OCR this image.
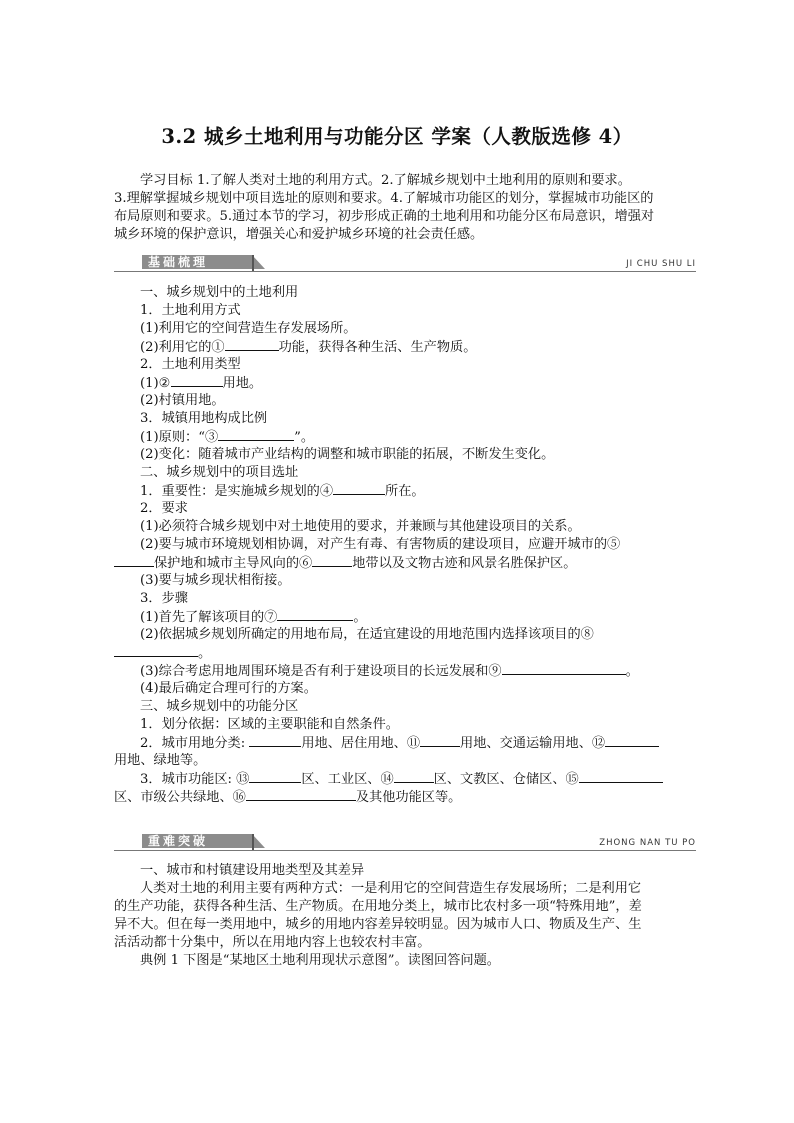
3.2 城乡土地利用与功能分区 学案（人教版选修 4）
学习目标 1.了解人类对土地的利用方式。2.了解城乡规划中土地利用的原则和要求。
3.理解掌握城乡规划中项目选址的原则和要求。4.了解城市功能区的划分，掌握城市功能区的
布局原则和要求。5.通过本节的学习，初步形成正确的土地利用和功能分区布局意识，增强对
城乡环境的保护意识，增强关心和爱护城乡环境的社会责任感。
基础梳理	JI CHU SHU LI
一、城乡规划中的土地利用
1．土地利用方式
(1)利用它的空间营造生存发展场所。
(2)利用它的①	功能，获得各种生活、生产物质。
2．土地利用类型
(1)②	用地。
(2)村镇用地。
3．城镇用地构成比例
(1)原则：“③	”。
(2)变化：随着城市产业结构的调整和城市职能的拓展，不断发生变化。
二、城乡规划中的项目选址
1．重要性：是实施城乡规划的④	所在。
2．要求
(1)必须符合城乡规划中对土地使用的要求，并兼顾与其他建设项目的关系。
(2)要与城市环境规划相协调，对产生有毒、有害物质的建设项目，应避开城市的⑤
保护地和城市主导风向的⑥	地带以及文物古迹和风景名胜保护区。
(3)要与城乡现状相衔接。
3．步骤
(1)首先了解该项目的⑦	。
(2)依据城乡规划所确定的用地布局，在适宜建设的用地范围内选择该项目的⑧
。
(3)综合考虑用地周围环境是否有利于建设项目的长远发展和⑨	。
(4)最后确定合理可行的方案。
三、城乡规划中的功能分区
1．划分依据：区域的主要职能和自然条件。
2．城市用地分类:	用地、居住用地、⑪	用地、交通运输用地、⑫
用地、绿地等。
3．城市功能区: ⑬	区、工业区、⑭	区、文教区、仓储区、⑮
区、市级公共绿地、⑯	及其他功能区等。
重难突破	ZHONG NAN TU PO
一、城市和村镇建设用地类型及其差异
人类对土地的利用主要有两种方式：一是利用它的空间营造生存发展场所；二是利用它
的生产功能，获得各种生活、生产物质。在用地分类上，城市比农村多一项“特殊用地”，差
异不大。但在每一类用地中，城乡的用地内容差异较明显。因为城市人口、物质及生产、生
活活动都十分集中，所以在用地内容上也较农村丰富。
典例 1 下图是“某地区土地利用现状示意图”。读图回答问题。
